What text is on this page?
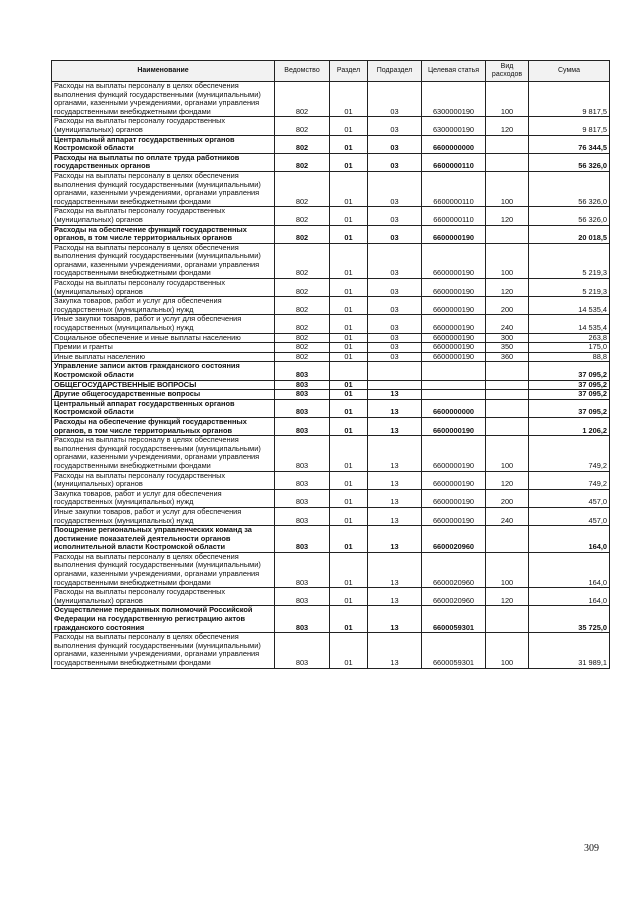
Наименование	Ведомство	Раздел	Подраздел	Целевая статья	Вид расходов	Сумма
Расходы на выплаты персоналу в целях обеспечения выполнения функций государственными (муниципальными) органами, казенными учреждениями, органами управления государственными внебюджетными фондами	802	01	03	6300000190	100	9 817,5
Расходы на выплаты персоналу государственных (муниципальных) органов	802	01	03	6300000190	120	9 817,5
Центральный аппарат государственных органов Костромской области	802	01	03	6600000000		76 344,5
Расходы на выплаты по оплате труда работников государственных органов	802	01	03	6600000110		56 326,0
Расходы на выплаты персоналу в целях обеспечения выполнения функций государственными (муниципальными) органами, казенными учреждениями, органами управления государственными внебюджетными фондами	802	01	03	6600000110	100	56 326,0
Расходы на выплаты персоналу государственных (муниципальных) органов	802	01	03	6600000110	120	56 326,0
Расходы на обеспечение функций государственных органов, в том числе территориальных органов	802	01	03	6600000190		20 018,5
Расходы на выплаты персоналу в целях обеспечения выполнения функций государственными (муниципальными) органами, казенными учреждениями, органами управления государственными внебюджетными фондами	802	01	03	6600000190	100	5 219,3
Расходы на выплаты персоналу государственных (муниципальных) органов	802	01	03	6600000190	120	5 219,3
Закупка товаров, работ и услуг для обеспечения государственных (муниципальных) нужд	802	01	03	6600000190	200	14 535,4
Иные закупки товаров, работ и услуг для обеспечения государственных (муниципальных) нужд	802	01	03	6600000190	240	14 535,4
Социальное обеспечение и иные выплаты населению	802	01	03	6600000190	300	263,8
Премии и гранты	802	01	03	6600000190	350	175,0
Иные выплаты населению	802	01	03	6600000190	360	88,8
Управление записи актов гражданского состояния Костромской области	803					37 095,2
ОБЩЕГОСУДАРСТВЕННЫЕ ВОПРОСЫ	803	01				37 095,2
Другие общегосударственные вопросы	803	01	13			37 095,2
Центральный аппарат государственных органов Костромской области	803	01	13	6600000000		37 095,2
Расходы на обеспечение функций государственных органов, в том числе территориальных органов	803	01	13	6600000190		1 206,2
Расходы на выплаты персоналу в целях обеспечения выполнения функций государственными (муниципальными) органами, казенными учреждениями, органами управления государственными внебюджетными фондами	803	01	13	6600000190	100	749,2
Расходы на выплаты персоналу государственных (муниципальных) органов	803	01	13	6600000190	120	749,2
Закупка товаров, работ и услуг для обеспечения государственных (муниципальных) нужд	803	01	13	6600000190	200	457,0
Иные закупки товаров, работ и услуг для обеспечения государственных (муниципальных) нужд	803	01	13	6600000190	240	457,0
Поощрение региональных управленческих команд за достижение показателей деятельности органов исполнительной власти Костромской области	803	01	13	6600020960		164,0
Расходы на выплаты персоналу в целях обеспечения выполнения функций государственными (муниципальными) органами, казенными учреждениями, органами управления государственными внебюджетными фондами	803	01	13	6600020960	100	164,0
Расходы на выплаты персоналу государственных (муниципальных) органов	803	01	13	6600020960	120	164,0
Осуществление переданных полномочий Российской Федерации на государственную регистрацию актов гражданского состояния	803	01	13	6600059301		35 725,0
Расходы на выплаты персоналу в целях обеспечения выполнения функций государственными (муниципальными) органами, казенными учреждениями, органами управления государственными внебюджетными фондами	803	01	13	6600059301	100	31 989,1
309
